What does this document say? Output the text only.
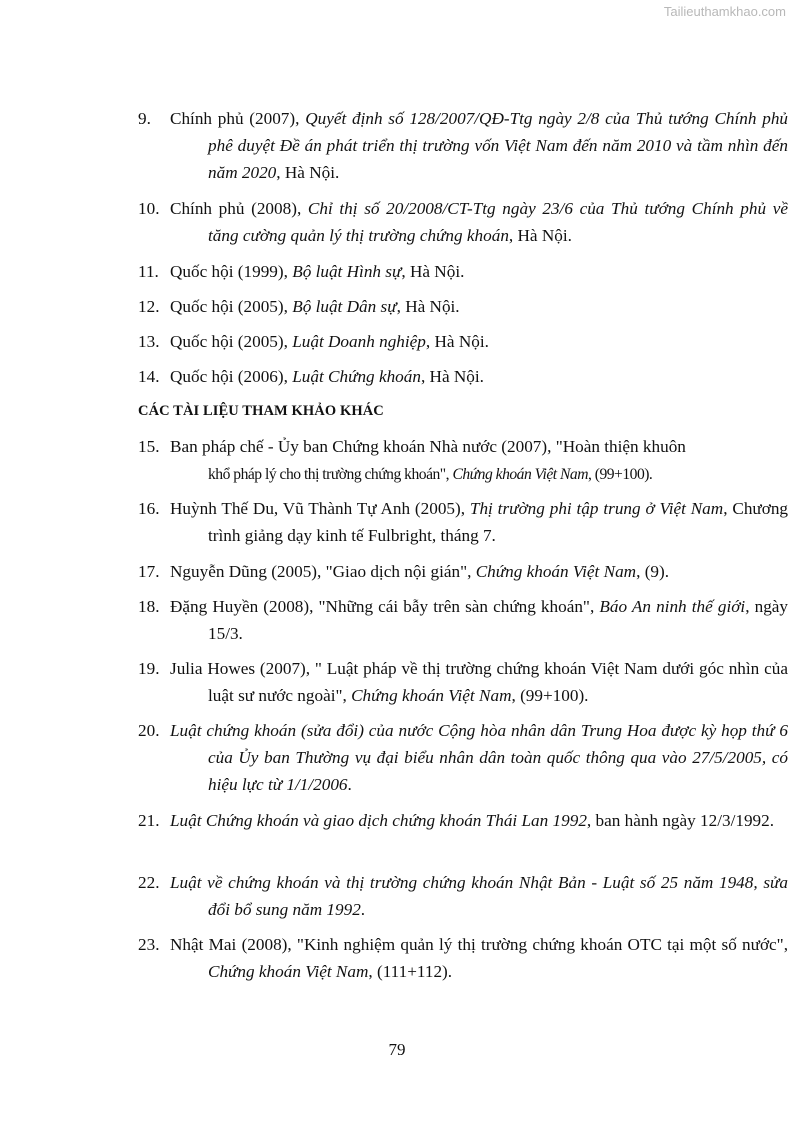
Tailieuthamkhao.com
9. Chính phủ (2007), Quyết định số 128/2007/QĐ-Ttg ngày 2/8 của Thủ tướng Chính phủ phê duyệt Đề án phát triển thị trường vốn Việt Nam đến năm 2010 và tầm nhìn đến năm 2020, Hà Nội.
10. Chính phủ (2008), Chỉ thị số 20/2008/CT-Ttg ngày 23/6 của Thủ tướng Chính phủ về tăng cường quản lý thị trường chứng khoán, Hà Nội.
11. Quốc hội (1999), Bộ luật Hình sự, Hà Nội.
12. Quốc hội (2005), Bộ luật Dân sự, Hà Nội.
13. Quốc hội (2005), Luật Doanh nghiệp, Hà Nội.
14. Quốc hội (2006), Luật Chứng khoán, Hà Nội.
15. Ban pháp chế - Ủy ban Chứng khoán Nhà nước (2007), "Hoàn thiện khuôn
khổ pháp lý cho thị trường chứng khoán", Chứng khoán Việt Nam, (99+100).
16. Huỳnh Thế Du, Vũ Thành Tự Anh (2005), Thị trường phi tập trung ở Việt Nam, Chương trình giảng dạy kinh tế Fulbright, tháng 7.
17. Nguyễn Dũng (2005), "Giao dịch nội gián", Chứng khoán Việt Nam, (9).
18. Đặng Huyền (2008), "Những cái bẫy trên sàn chứng khoán", Báo An ninh thế giới, ngày 15/3.
19. Julia Howes (2007), " Luật pháp về thị trường chứng khoán Việt Nam dưới góc nhìn của luật sư nước ngoài", Chứng khoán Việt Nam, (99+100).
20. Luật chứng khoán (sửa đổi) của nước Cộng hòa nhân dân Trung Hoa được kỳ họp thứ 6 của Ủy ban Thường vụ đại biểu nhân dân toàn quốc thông qua vào 27/5/2005, có hiệu lực từ 1/1/2006.
21. Luật Chứng khoán và giao dịch chứng khoán Thái Lan 1992, ban hành ngày 12/3/1992.
22. Luật về chứng khoán và thị trường chứng khoán Nhật Bản - Luật số 25 năm 1948, sửa đổi bổ sung năm 1992.
23. Nhật Mai (2008), "Kinh nghiệm quản lý thị trường chứng khoán OTC tại một số nước", Chứng khoán Việt Nam, (111+112).
CÁC TÀI LIỆU THAM KHẢO KHÁC
79
